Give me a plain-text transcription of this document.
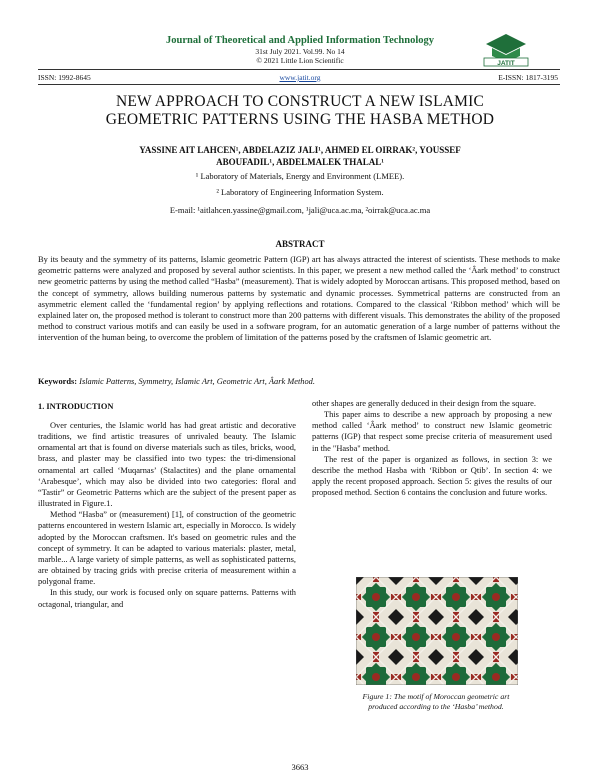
Journal of Theoretical and Applied Information Technology
31st July 2021. Vol.99. No 14
© 2021 Little Lion Scientific	JATIT
ISSN: 1992-8645	www.jatit.org	E-ISSN: 1817-3195
NEW APPROACH TO CONSTRUCT A NEW ISLAMIC
GEOMETRIC PATTERNS USING THE HASBA METHOD
YASSINE AIT LAHCEN¹, ABDELAZIZ JALI¹, AHMED EL OIRRAK², YOUSSEF
ABOUFADIL¹, ABDELMALEK THALAL¹
¹ Laboratory of Materials, Energy and Environment (LMEE).
² Laboratory of Engineering Information System.
E-mail: ¹aitlahcen.yassine@gmail.com, ¹jali@uca.ac.ma, ²oirrak@uca.ac.ma
ABSTRACT
By its beauty and the symmetry of its patterns, Islamic geometric Pattern (IGP) art has always attracted the interest of scientists. These methods to make geometric patterns were analyzed and proposed by several author scientists. In this paper, we present a new method called the ‘Âark method’ to construct new geometric patterns by using the method called “Hasba” (measurement). That is widely adopted by Moroccan artisans. This proposed method, based on the concept of symmetry, allows building numerous patterns by systematic and dynamic processes. Symmetrical patterns are constructed from an asymmetric element called the ‘fundamental region’ by applying reflections and rotations. Compared to the classical ‘Ribbon method’ which will be explained later on, the proposed method is tolerant to construct more than 200 patterns with different visuals. This demonstrates the ability of the proposed method to construct various motifs and can easily be used in a software program, for an automatic generation of a large number of patterns without the intervention of the human being, to overcome the problem of limitation of the patterns posed by the craftsmen of Islamic geometric art.
Keywords: Islamic Patterns, Symmetry, Islamic Art, Geometric Art, Âark Method.
1. INTRODUCTION

Over centuries, the Islamic world has had great artistic and decorative traditions, we find artistic treasures of unrivaled beauty. The Islamic ornamental art that is found on diverse materials such as tiles, bricks, wood, brass, and plaster may be classified into two types: the tri-dimensional ornamental art called ‘Muqarnas’ (Stalactites) and the plane ornamental ‘Arabesque’, which may also be divided into two categories: floral and “Tastir” or Geometric Patterns which are the subject of the present paper as illustrated in Figure.1.

Method “Hasba” or (measurement) [1], of construction of the geometric patterns encountered in western Islamic art, especially in Morocco. Is widely adopted by the Moroccan craftsmen. It's based on geometric rules and the concept of symmetry. It can be adapted to various materials: plaster, metal, marble... A large variety of simple patterns, as well as sophisticated patterns, are obtained by tracing grids with precise criteria of measurement within a polygonal frame.

In this study, our work is focused only on square patterns. Patterns with octagonal, triangular, and

other shapes are generally deduced in their design from the square.

This paper aims to describe a new approach by proposing a new method called ‘Âark method’ to construct new Islamic geometric patterns (IGP) that respect some precise criteria of measurement used in the "Hasba" method.

The rest of the paper is organized as follows, in section 3: we describe the method Hasba with ‘Ribbon or Qtib’. In section 4: we apply the recent proposed approach. Section 5: gives the results of our proposed method. Section 6 contains the conclusion and future works.

Figure 1: The motif of Moroccan geometric art
produced according to the ‘Hasba’ method.
3663
